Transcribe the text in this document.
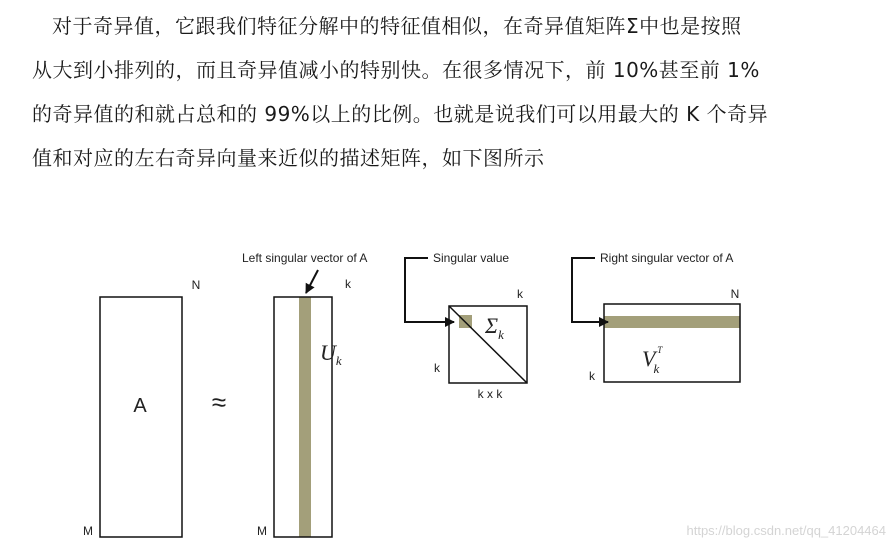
对于奇异值，它跟我们特征分解中的特征值相似，在奇异值矩阵Σ中也是按照
从大到小排列的，而且奇异值减小的特别快。在很多情况下，前 10%甚至前 1%
的奇异值的和就占总和的 99%以上的比例。也就是说我们可以用最大的 K 个奇异
值和对应的左右奇异向量来近似的描述矩阵，如下图所示
A
N
M
≈
$U_k$
k
M
Left singular vector of A
$\Sigma_k$
k
k
k x k
Singular value
VkT
N
k
Right singular vector of A
https://blog.csdn.net/qq_41204464
